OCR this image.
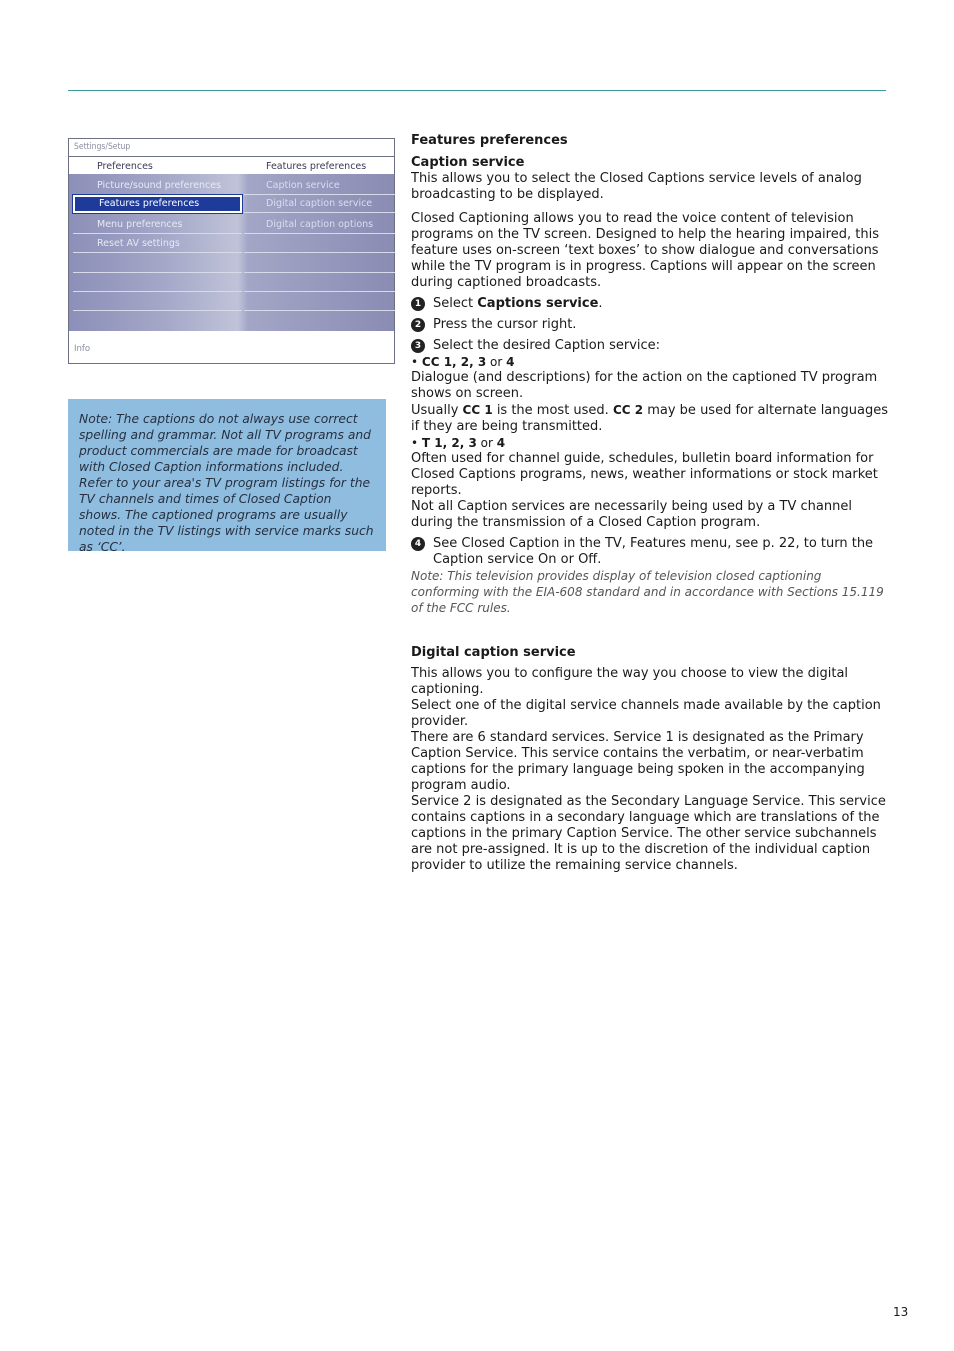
Settings/Setup
Preferences	Features preferences
Picture/sound preferences
Features preferences
Menu preferences
Reset AV settings
Caption service
Digital caption service
Digital caption options
Info
Note: The captions do not always use correct spelling and grammar. Not all TV programs and product commercials are made for broadcast with Closed Caption informations included. Refer to your area's TV program listings for the TV channels and times of Closed Caption shows. The captioned programs are usually noted in the TV listings with service marks such as ‘CC’.

Features preferences

Caption service

This allows you to select the Closed Captions service levels of analog broadcasting to be displayed.

Closed Captioning allows you to read the voice content of television programs on the TV screen. Designed to help the hearing impaired, this feature uses on-screen ‘text boxes’ to show dialogue and conversations while the TV program is in progress. Captions will appear on the screen during captioned broadcasts.

1 Select Captions service.

2 Press the cursor right.

3 Select the desired Caption service:

• CC 1, 2, 3 or 4

Dialogue (and descriptions) for the action on the captioned TV program shows on screen.

Usually CC 1 is the most used. CC 2 may be used for alternate languages if they are being transmitted.

• T 1, 2, 3 or 4

Often used for channel guide, schedules, bulletin board information for Closed Captions programs, news, weather informations or stock market reports.

Not all Caption services are necessarily being used by a TV channel during the transmission of a Closed Caption program.

4 See Closed Caption in the TV, Features menu, see p. 22, to turn the Caption service On or Off.

Note: This television provides display of television closed captioning conforming with the EIA-608 standard and in accordance with Sections 15.119 of the FCC rules.

Digital caption service

This allows you to configure the way you choose to view the digital captioning.

Select one of the digital service channels made available by the caption provider.

There are 6 standard services. Service 1 is designated as the Primary Caption Service. This service contains the verbatim, or near-verbatim captions for the primary language being spoken in the accompanying program audio.

Service 2 is designated as the Secondary Language Service. This service contains captions in a secondary language which are translations of the captions in the primary Caption Service. The other service subchannels are not pre-assigned. It is up to the discretion of the individual caption provider to utilize the remaining service channels.

13
